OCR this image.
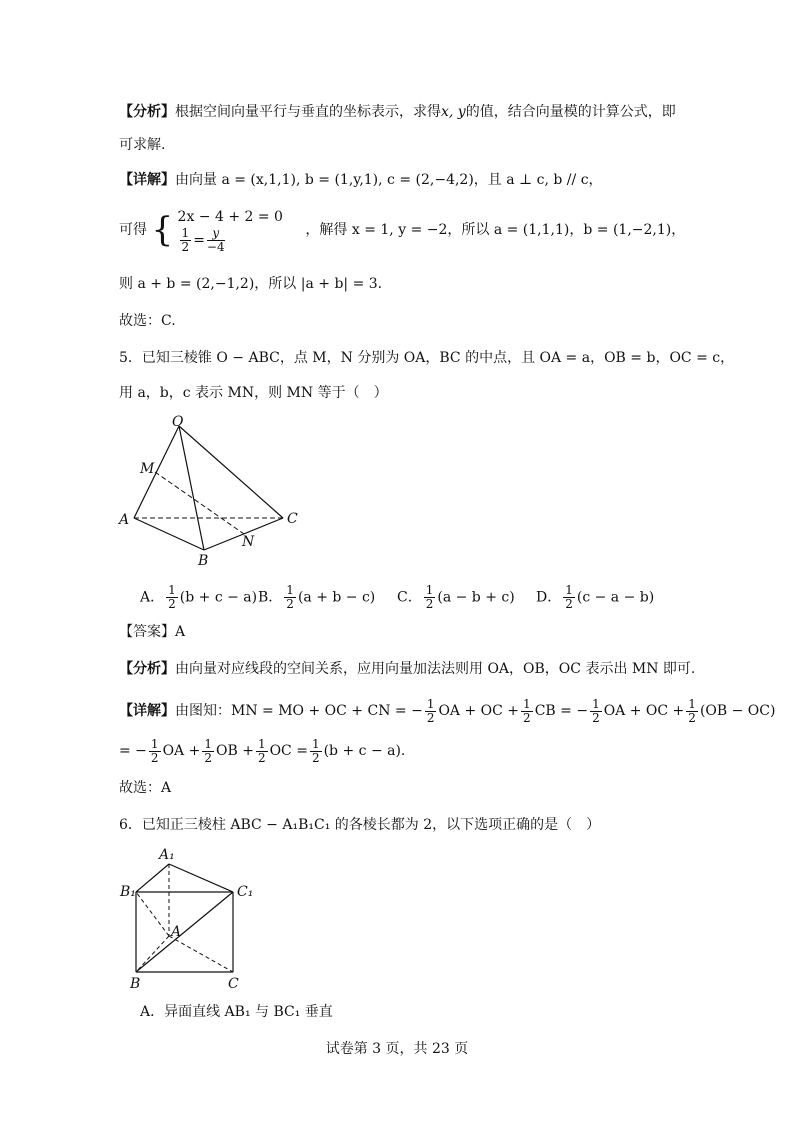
【分析】根据空间向量平行与垂直的坐标表示，求得x, y的值，结合向量模的计算公式，即
可求解.
【详解】由向量 a = (x,1,1), b = (1,y,1), c = (2,−4,2)，且 a ⊥ c, b // c，
可得 { 2x − 4 + 2 = 0
$\frac{1}{2} = \frac{y}{-4}$	，解得 x = 1, y = −2，所以 a = (1,1,1)，b = (1,−2,1)，
则 a + b = (2,−1,2)，所以 |a + b| = 3.
故选：C.
5．已知三棱锥 O − ABC，点 M，N 分别为 OA，BC 的中点，且 OA = a，OB = b，OC = c，
用 a，b，c 表示 MN，则 MN 等于（　）
O
M
A
B
C
N
A． $\frac{1}{2} (b + c - a)$ B． $\frac{1}{2} (a + b - c)$ C． $\frac{1}{2} (a - b + c)$ D． $\frac{1}{2} (c - a - b)$
【答案】A
【分析】由向量对应线段的空间关系，应用向量加法法则用 OA，OB，OC 表示出 MN 即可.
【详解】由图知：MN = MO + OC + CN = − $\frac{1}{2}$ OA + OC + $\frac{1}{2}$ CB = − $\frac{1}{2}$ OA + OC + $\frac{1}{2} (OB - OC)$
= − $\frac{1}{2}$ OA + $\frac{1}{2}$ OB + $\frac{1}{2}$ OC = $\frac{1}{2} (b + c - a)$.
故选：A
6．已知正三棱柱 ABC − A₁B₁C₁ 的各棱长都为 2，以下选项正确的是（　）
A₁
B₁	C₁
A
B	C
A．异面直线 AB₁ 与 BC₁ 垂直
试卷第 3 页，共 23 页
